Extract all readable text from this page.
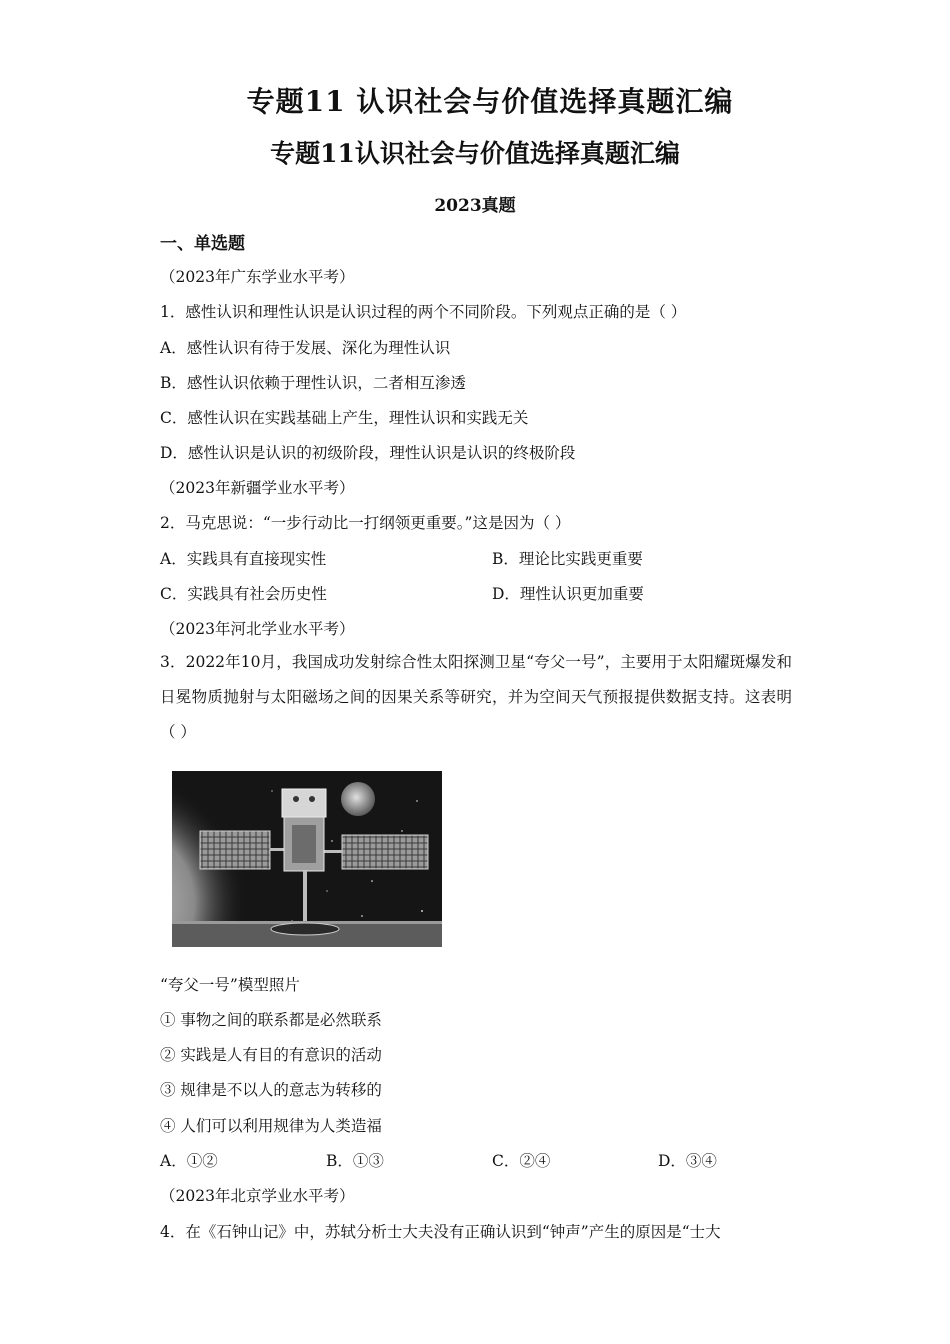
专题11 认识社会与价值选择真题汇编
专题11认识社会与价值选择真题汇编
2023真题
一、单选题
（2023年广东学业水平考）
1．感性认识和理性认识是认识过程的两个不同阶段。下列观点正确的是（ ）
A．感性认识有待于发展、深化为理性认识
B．感性认识依赖于理性认识，二者相互渗透
C．感性认识在实践基础上产生，理性认识和实践无关
D．感性认识是认识的初级阶段，理性认识是认识的终极阶段
（2023年新疆学业水平考）
2．马克思说：“一步行动比一打纲领更重要。”这是因为（ ）
A．实践具有直接现实性	B．理论比实践更重要
C．实践具有社会历史性	D．理性认识更加重要
（2023年河北学业水平考）
3．2022年10月，我国成功发射综合性太阳探测卫星“夸父一号”，主要用于太阳耀斑爆发和日冕物质抛射与太阳磁场之间的因果关系等研究，并为空间天气预报提供数据支持。这表明（ ）
“夸父一号”模型照片
① 事物之间的联系都是必然联系
② 实践是人有目的有意识的活动
③ 规律是不以人的意志为转移的
④ 人们可以利用规律为人类造福
A．①②	B．①③	C．②④	D．③④
（2023年北京学业水平考）
4．在《石钟山记》中，苏轼分析士大夫没有正确认识到“钟声”产生的原因是“士大
